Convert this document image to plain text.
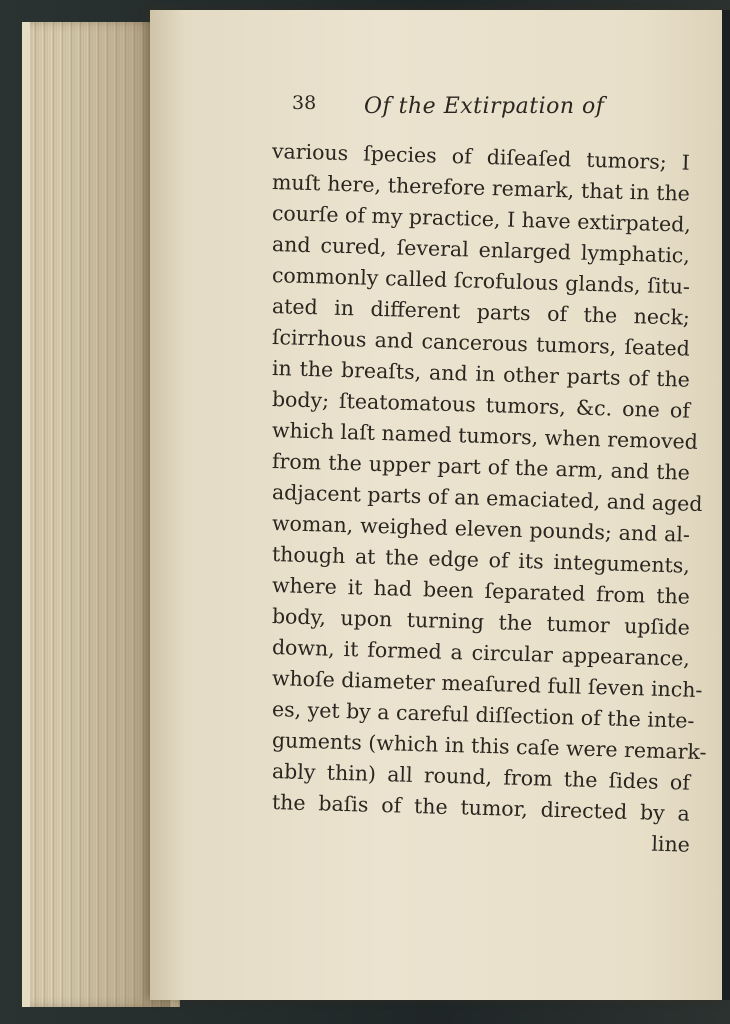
38 Of the Extirpation of
various ſpecies of diſeaſed tumors; I
muſt here, therefore remark, that in the
courſe of my practice, I have extirpated,
and cured, ſeveral enlarged lymphatic,
commonly called ſcrofulous glands, ſitu-
ated in different parts of the neck;
ſcirrhous and cancerous tumors, ſeated
in the breaſts, and in other parts of the
body; ſteatomatous tumors, &c. one of
which laſt named tumors, when removed
from the upper part of the arm, and the
adjacent parts of an emaciated, and aged
woman, weighed eleven pounds; and al-
though at the edge of its integuments,
where it had been ſeparated from the
body, upon turning the tumor upſide
down, it formed a circular appearance,
whoſe diameter meaſured full ſeven inch-
es, yet by a careful diſſection of the inte-
guments (which in this caſe were remark-
ably thin) all round, from the ſides of
the baſis of the tumor, directed by a
line
